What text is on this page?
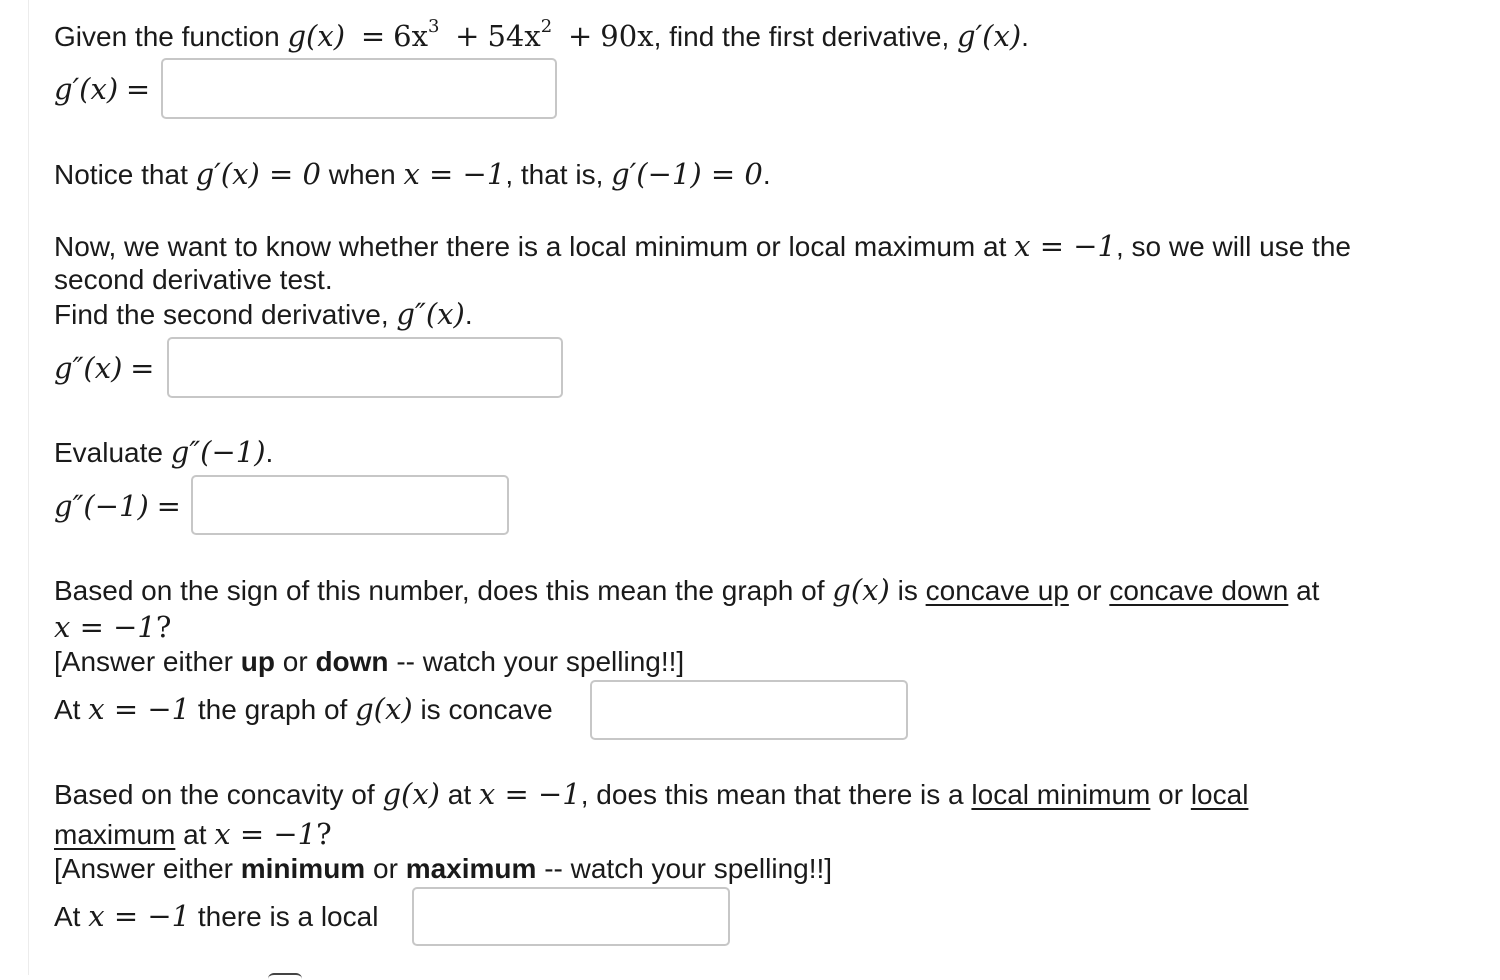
Given the function $g(x) = 6x^3 + 54x^2 + 90x$, find the first derivative, g′(x).
g′(x) =
Notice that g′(x) = 0 when x = −1, that is, g′(−1) = 0.
Now, we want to know whether there is a local minimum or local maximum at x = −1, so we will use the
second derivative test.
Find the second derivative, g″(x).
g″(x) =
Evaluate g″(−1).
g″(−1) =
Based on the sign of this number, does this mean the graph of g(x) is concave up or concave down at
x = −1?
[Answer either up or down -- watch your spelling!!]
At x = −1 the graph of g(x) is concave
Based on the concavity of g(x) at x = −1, does this mean that there is a local minimum or local
maximum at x = −1?
[Answer either minimum or maximum -- watch your spelling!!]
At x = −1 there is a local
